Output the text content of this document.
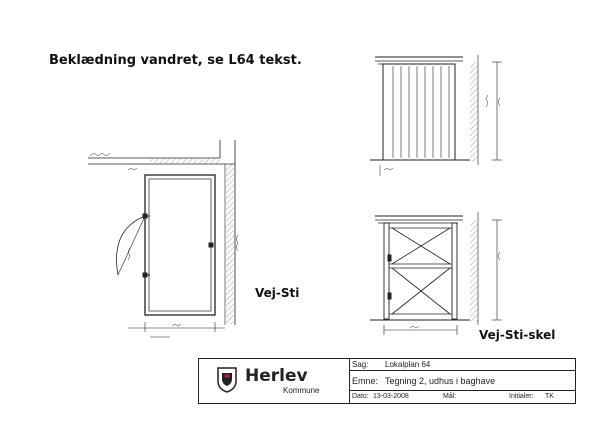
Beklædning vandret, se L64 tekst.
Vej-Sti
Vej-Sti-skel
Herlev
Kommune
Sag: Lokalplan 64
Emne: Tegning 2, udhus i baghave
Dato: 13-03-2008	Mål:	Initialer: TK
